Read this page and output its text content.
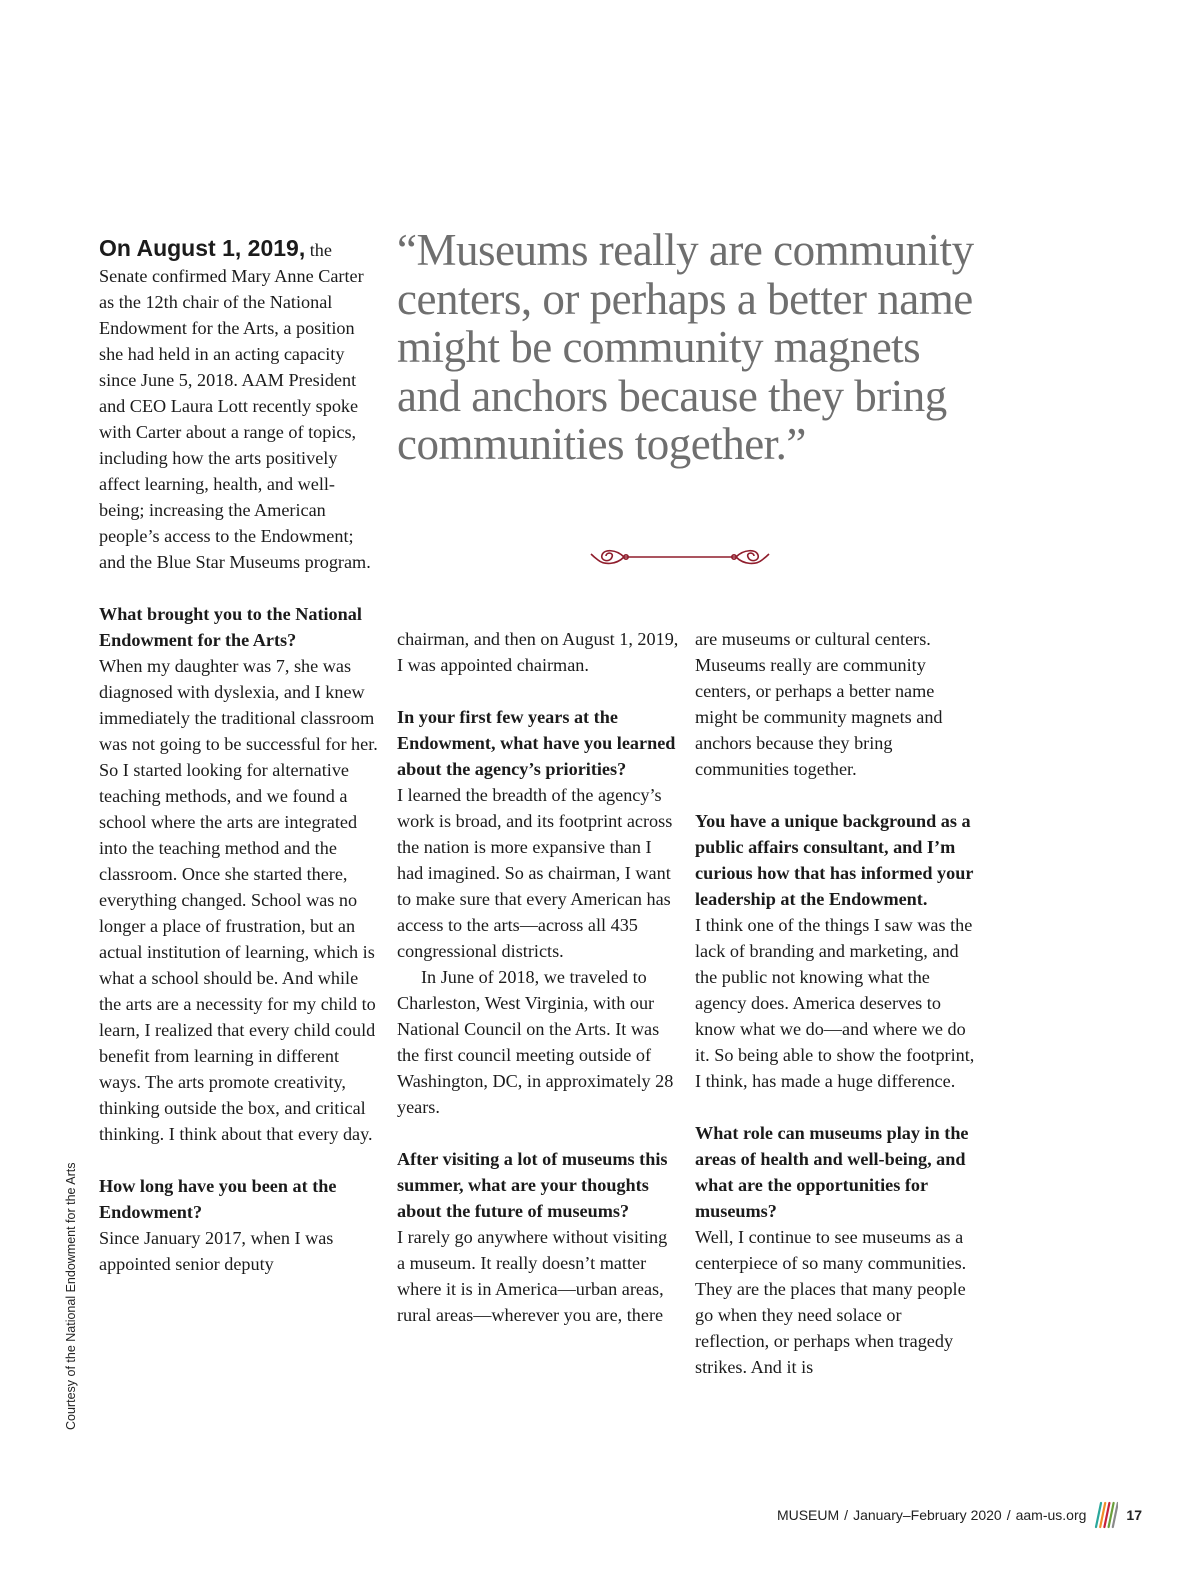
On August 1, 2019, the Senate confirmed Mary Anne Carter as the 12th chair of the National Endowment for the Arts, a position she had held in an acting capacity since June 5, 2018. AAM President and CEO Laura Lott recently spoke with Carter about a range of topics, including how the arts positively affect learning, health, and well-being; increasing the American people’s access to the Endowment; and the Blue Star Museums program.

What brought you to the National Endowment for the Arts?

When my daughter was 7, she was diagnosed with dyslexia, and I knew immediately the traditional classroom was not going to be successful for her. So I started looking for alternative teaching methods, and we found a school where the arts are integrated into the teaching method and the classroom. Once she started there, everything changed. School was no longer a place of frustration, but an actual institution of learning, which is what a school should be. And while the arts are a necessity for my child to learn, I realized that every child could benefit from learning in different ways. The arts promote creativity, thinking outside the box, and critical thinking. I think about that every day.

How long have you been at the Endowment?

Since January 2017, when I was appointed senior deputy

“Museums really are community centers, or perhaps a better name might be community magnets and anchors because they bring communities together.”

chairman, and then on August 1, 2019, I was appointed chairman.

In your first few years at the Endowment, what have you learned about the agency’s priorities?

I learned the breadth of the agency’s work is broad, and its footprint across the nation is more expansive than I had imagined. So as chairman, I want to make sure that every American has access to the arts—across all 435 congressional districts.

In June of 2018, we traveled to Charleston, West Virginia, with our National Council on the Arts. It was the first council meeting outside of Washington, DC, in approximately 28 years.

After visiting a lot of museums this summer, what are your thoughts about the future of museums?

I rarely go anywhere without visiting a museum. It really doesn’t matter where it is in America—urban areas, rural areas—wherever you are, there

are museums or cultural centers. Museums really are community centers, or perhaps a better name might be community magnets and anchors because they bring communities together.

You have a unique background as a public affairs consultant, and I’m curious how that has informed your leadership at the Endowment.

I think one of the things I saw was the lack of branding and marketing, and the public not knowing what the agency does. America deserves to know what we do—and where we do it. So being able to show the footprint, I think, has made a huge difference.

What role can museums play in the areas of health and well-being, and what are the opportunities for museums?

Well, I continue to see museums as a centerpiece of so many communities. They are the places that many people go when they need solace or reflection, or perhaps when tragedy strikes. And it is

Courtesy of the National Endowment for the Arts
MUSEUM / January–February 2020 / aam-us.org	17
